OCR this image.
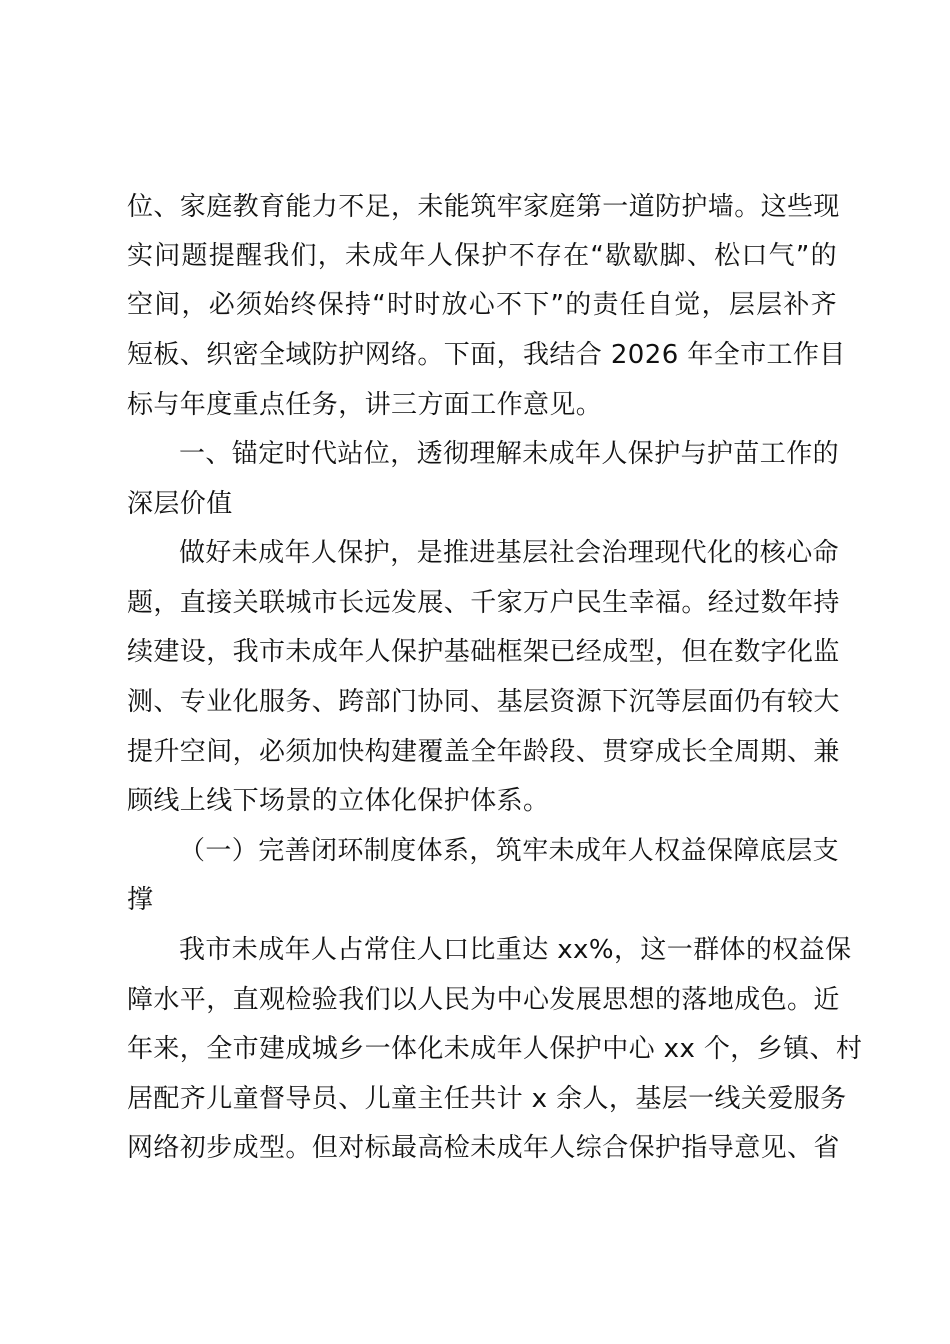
位、家庭教育能力不足，未能筑牢家庭第一道防护墙。这些现
实问题提醒我们，未成年人保护不存在“歇歇脚、松口气”的
空间，必须始终保持“时时放心不下”的责任自觉，层层补齐
短板、织密全域防护网络。下面，我结合 2026 年全市工作目
标与年度重点任务，讲三方面工作意见。
一、锚定时代站位，透彻理解未成年人保护与护苗工作的
深层价值
做好未成年人保护，是推进基层社会治理现代化的核心命
题，直接关联城市长远发展、千家万户民生幸福。经过数年持
续建设，我市未成年人保护基础框架已经成型，但在数字化监
测、专业化服务、跨部门协同、基层资源下沉等层面仍有较大
提升空间，必须加快构建覆盖全年龄段、贯穿成长全周期、兼
顾线上线下场景的立体化保护体系。
（一）完善闭环制度体系，筑牢未成年人权益保障底层支
撑
我市未成年人占常住人口比重达 xx%，这一群体的权益保
障水平，直观检验我们以人民为中心发展思想的落地成色。近
年来，全市建成城乡一体化未成年人保护中心 xx 个，乡镇、村
居配齐儿童督导员、儿童主任共计 x 余人，基层一线关爱服务
网络初步成型。但对标最高检未成年人综合保护指导意见、省
